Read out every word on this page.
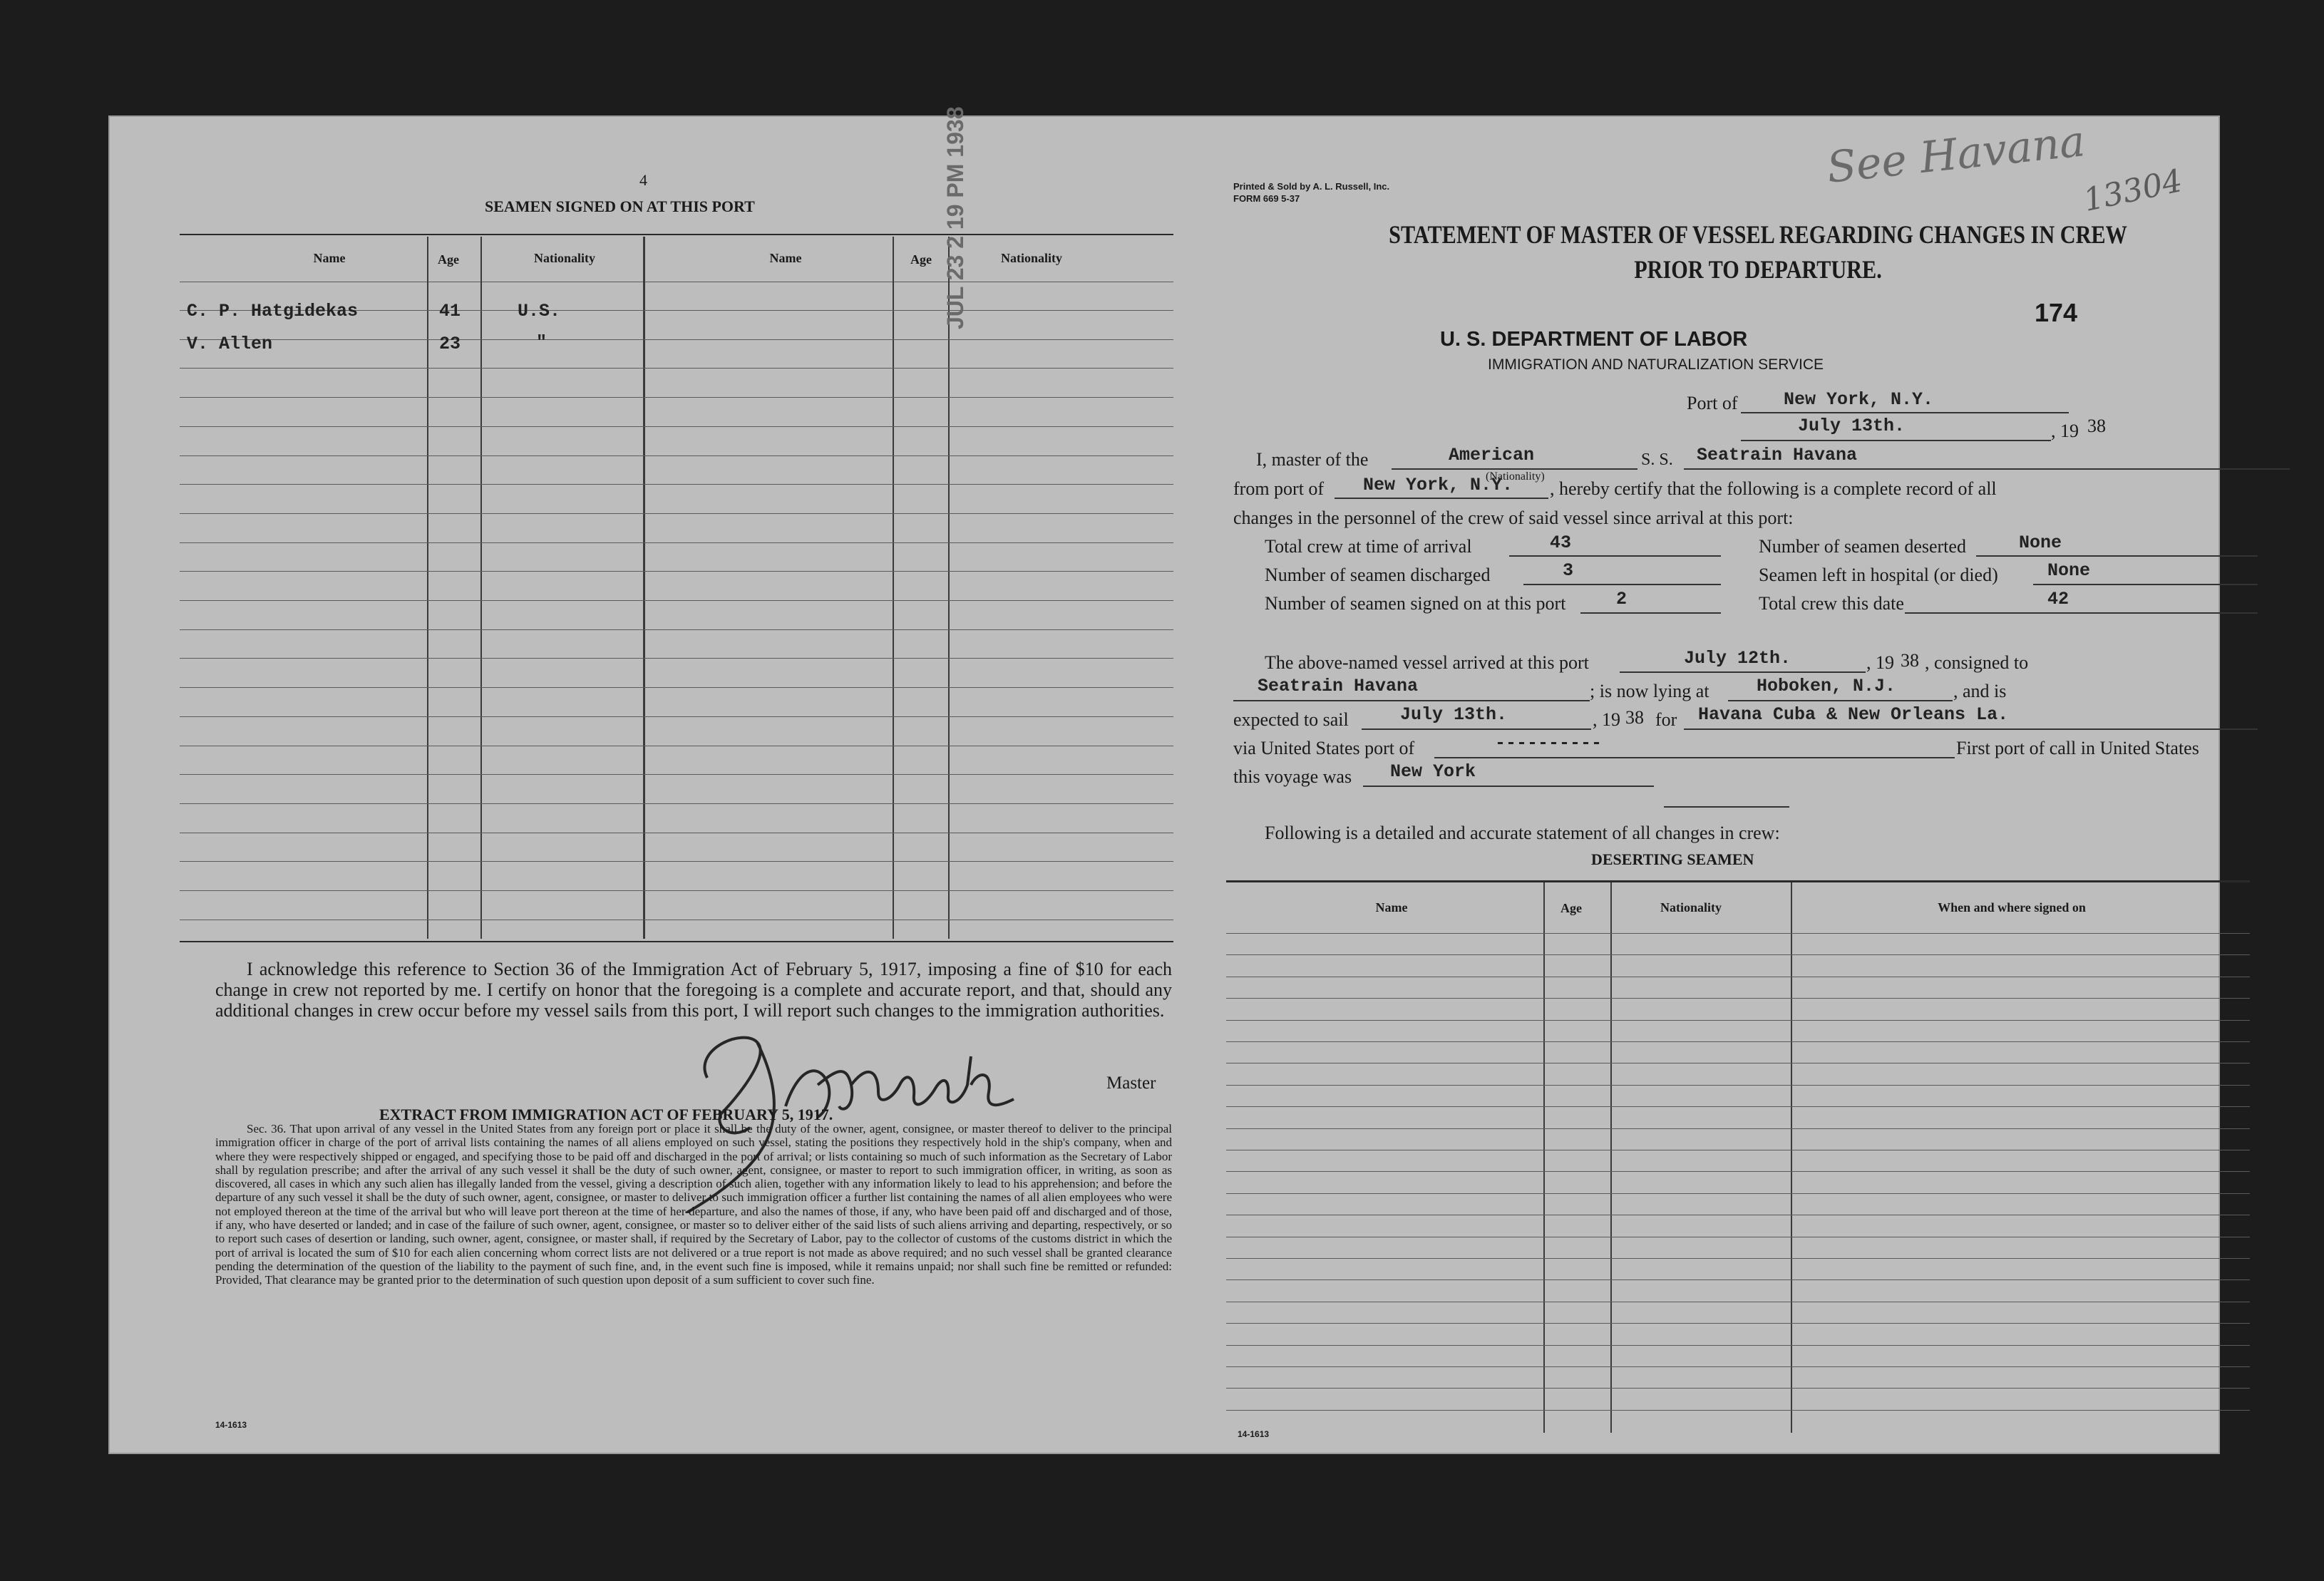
4
SEAMEN SIGNED ON AT THIS PORT
Name	Age	Nationality	Name	Age	Nationality
C. P. Hatgidekas	41	U.S.
V. Allen	23	"
JUL 23 2 19 PM 1938
I acknowledge this reference to Section 36 of the Immigration Act of February 5, 1917, imposing a fine of $10 for each change in crew not reported by me. I certify on honor that the foregoing is a complete and accurate report, and that, should any additional changes in crew occur before my vessel sails from this port, I will report such changes to the immigration authorities.
Master
EXTRACT FROM IMMIGRATION ACT OF FEBRUARY 5, 1917.
Sec. 36. That upon arrival of any vessel in the United States from any foreign port or place it shall be the duty of the owner, agent, consignee, or master thereof to deliver to the principal immigration officer in charge of the port of arrival lists containing the names of all aliens employed on such vessel, stating the positions they respectively hold in the ship's company, when and where they were respectively shipped or engaged, and specifying those to be paid off and discharged in the port of arrival; or lists containing so much of such information as the Secretary of Labor shall by regulation prescribe; and after the arrival of any such vessel it shall be the duty of such owner, agent, consignee, or master to report to such immigration officer, in writing, as soon as discovered, all cases in which any such alien has illegally landed from the vessel, giving a description of such alien, together with any information likely to lead to his apprehension; and before the departure of any such vessel it shall be the duty of such owner, agent, consignee, or master to deliver to such immigration officer a further list containing the names of all alien employees who were not employed thereon at the time of the arrival but who will leave port thereon at the time of her departure, and also the names of those, if any, who have been paid off and discharged and of those, if any, who have deserted or landed; and in case of the failure of such owner, agent, consignee, or master so to deliver either of the said lists of such aliens arriving and departing, respectively, or so to report such cases of desertion or landing, such owner, agent, consignee, or master shall, if required by the Secretary of Labor, pay to the collector of customs of the customs district in which the port of arrival is located the sum of $10 for each alien concerning whom correct lists are not delivered or a true report is not made as above required; and no such vessel shall be granted clearance pending the determination of the question of the liability to the payment of such fine, and, in the event such fine is imposed, while it remains unpaid; nor shall such fine be remitted or refunded: Provided, That clearance may be granted prior to the determination of such question upon deposit of a sum sufficient to cover such fine.
14-1613
Printed & Sold by A. L. Russell, Inc.
FORM 669 5-37
See Havana
13304
STATEMENT OF MASTER OF VESSEL REGARDING CHANGES IN CREW
PRIOR TO DEPARTURE.
174
U. S. DEPARTMENT OF LABOR
IMMIGRATION AND NATURALIZATION SERVICE
Port of	New York, N.Y.
July 13th.	, 19 38
I, master of the	American
(Nationality)
S. S. Seatrain Havana
from port of New York, N.Y. , hereby certify that the following is a complete record of all
changes in the personnel of the crew of said vessel since arrival at this port:
Total crew at time of arrival	43	Number of seamen deserted	None
Number of seamen discharged	3	Seamen left in hospital (or died)	None
Number of seamen signed on at this port	2	Total crew this date	42
The above-named vessel arrived at this port	July 12th.	, 19 38 , consigned to
Seatrain Havana	; is now lying at	Hoboken, N.J.	, and is
expected to sail	July 13th.	, 19 38 for Havana Cuba & New Orleans La.
via United States port of	----------	First port of call in United States
this voyage was New York
Following is a detailed and accurate statement of all changes in crew:
DESERTING SEAMEN
Name	Age	Nationality	When and where signed on
14-1613
